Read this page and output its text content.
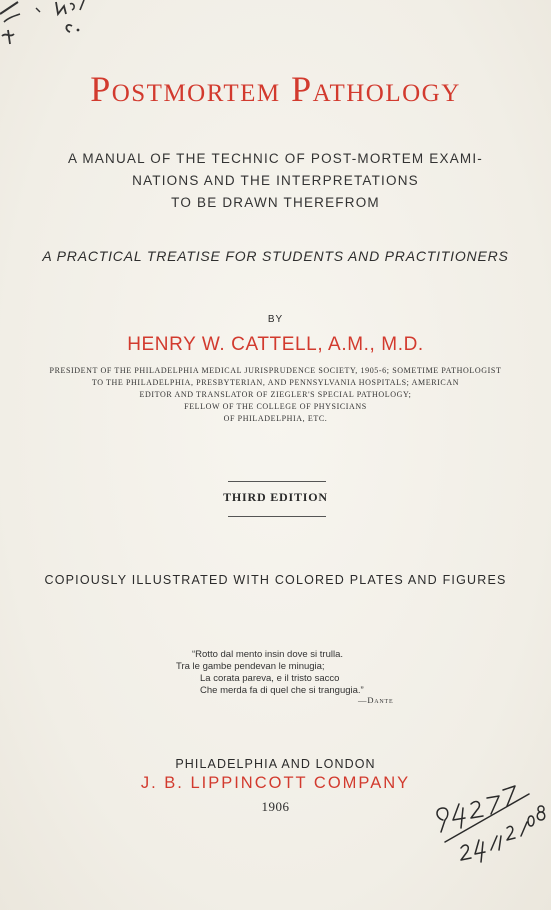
Postmortem Pathology
A MANUAL OF THE TECHNIC OF POST-MORTEM EXAMI-
NATIONS AND THE INTERPRETATIONS
TO BE DRAWN THEREFROM
A PRACTICAL TREATISE FOR STUDENTS AND PRACTITIONERS
BY
HENRY W. CATTELL, A.M., M.D.
PRESIDENT OF THE PHILADELPHIA MEDICAL JURISPRUDENCE SOCIETY, 1905-6; SOMETIME PATHOLOGIST
TO THE PHILADELPHIA, PRESBYTERIAN, AND PENNSYLVANIA HOSPITALS; AMERICAN
EDITOR AND TRANSLATOR OF ZIEGLER'S SPECIAL PATHOLOGY;
FELLOW OF THE COLLEGE OF PHYSICIANS
OF PHILADELPHIA, ETC.
THIRD EDITION
COPIOUSLY ILLUSTRATED WITH COLORED PLATES AND FIGURES
“Rotto dal mento insin dove si trulla.
Tra le gambe pendevan le minugia;
La corata pareva, e il tristo sacco
Che merda fa di quel che si trangugia.”
—Dante
PHILADELPHIA AND LONDON
J. B. LIPPINCOTT COMPANY
1906
